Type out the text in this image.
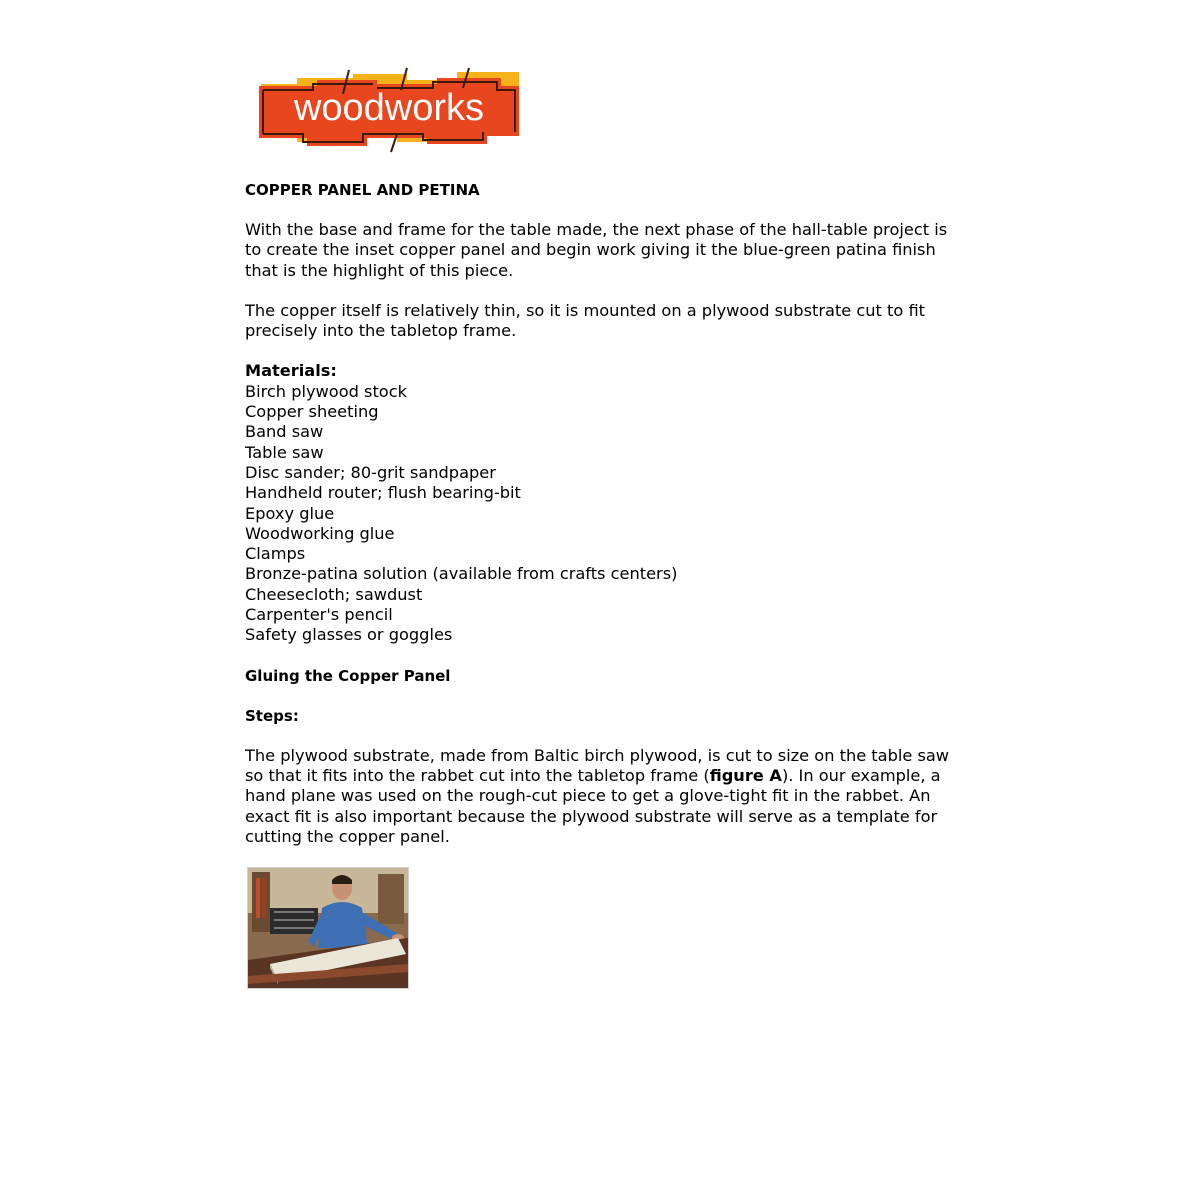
woodworks

COPPER PANEL AND PETINA

With the base and frame for the table made, the next phase of the hall-table project is to create the inset copper panel and begin work giving it the blue-green patina finish that is the highlight of this piece.

The copper itself is relatively thin, so it is mounted on a plywood substrate cut to fit precisely into the tabletop frame.

Materials:

Birch plywood stock
Copper sheeting
Band saw
Table saw
Disc sander; 80-grit sandpaper
Handheld router; flush bearing-bit
Epoxy glue
Woodworking glue
Clamps
Bronze-patina solution (available from crafts centers)
Cheesecloth; sawdust
Carpenter's pencil
Safety glasses or goggles

Gluing the Copper Panel

Steps:

The plywood substrate, made from Baltic birch plywood, is cut to size on the table saw so that it fits into the rabbet cut into the tabletop frame (figure A). In our example, a hand plane was used on the rough-cut piece to get a glove-tight fit in the rabbet. An exact fit is also important because the plywood substrate will serve as a template for cutting the copper panel.
